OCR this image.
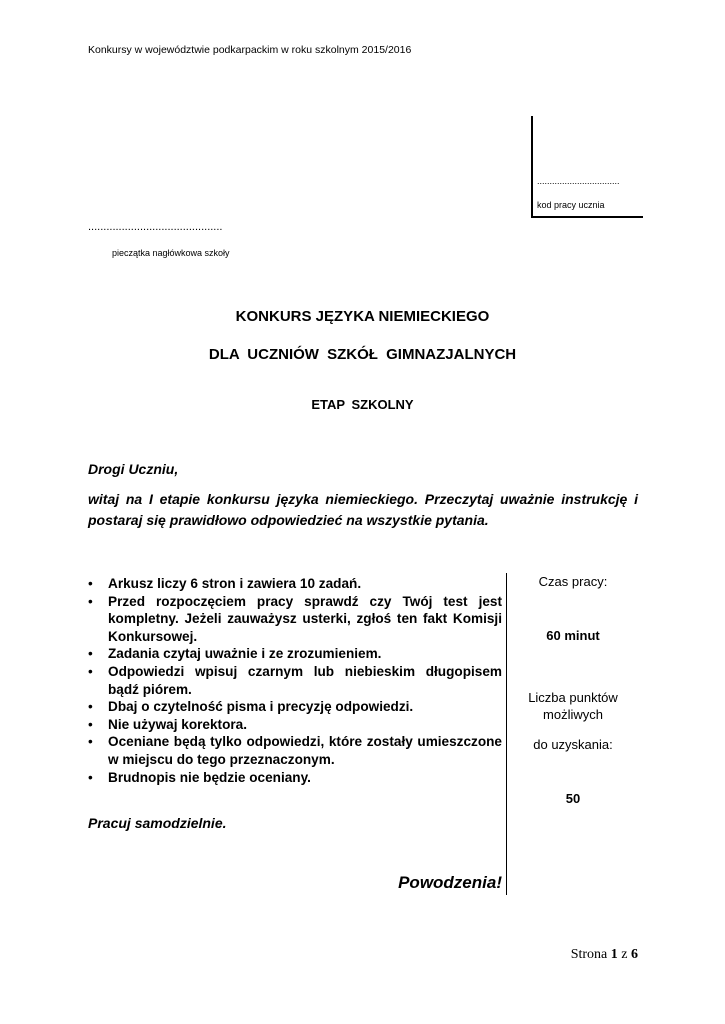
Konkursy w województwie podkarpackim w roku szkolnym 2015/2016
.................................
kod pracy ucznia
............................................
pieczątka nagłówkowa szkoły
KONKURS JĘZYKA NIEMIECKIEGO
DLA UCZNIÓW SZKÓŁ GIMNAZJALNYCH
ETAP SZKOLNY
Drogi Uczniu,
witaj na I etapie konkursu języka niemieckiego. Przeczytaj uważnie instrukcję i postaraj się prawidłowo odpowiedzieć na wszystkie pytania.
• Arkusz liczy 6 stron i zawiera 10 zadań.
• Przed rozpoczęciem pracy sprawdź czy Twój test jest kompletny. Jeżeli zauważysz usterki, zgłoś ten fakt Komisji Konkursowej.
• Zadania czytaj uważnie i ze zrozumieniem.
• Odpowiedzi wpisuj czarnym lub niebieskim długopisem bądź piórem.
• Dbaj o czytelność pisma i precyzję odpowiedzi.
• Nie używaj korektora.
• Oceniane będą tylko odpowiedzi, które zostały umieszczone w miejscu do tego przeznaczonym.
• Brudnopis nie będzie oceniany.
Czas pracy:
60 minut
Liczba punktów
możliwych
do uzyskania:
50
Pracuj samodzielnie.
Powodzenia!
Strona 1 z 6
